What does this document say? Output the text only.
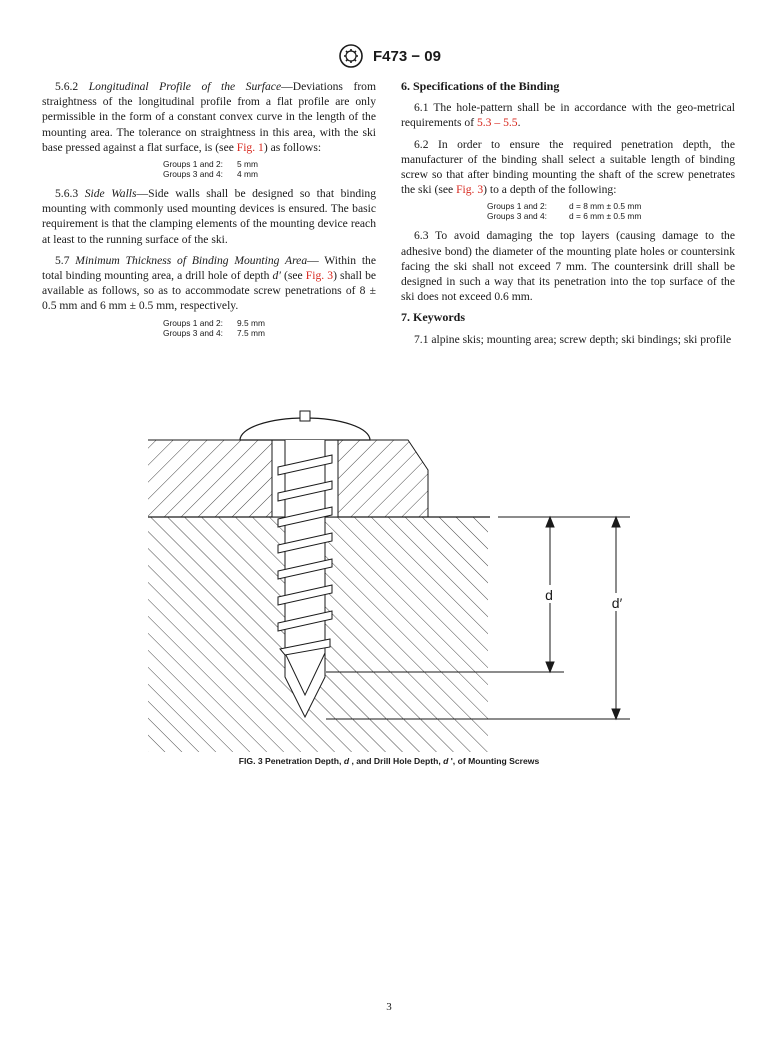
F473 − 09

5.6.2 Longitudinal Profile of the Surface—Deviations from straightness of the longitudinal profile from a flat profile are only permissible in the form of a constant convex curve in the length of the mounting area. The tolerance on straightness in this area, with the ski base pressed against a flat surface, is (see Fig. 1) as follows:

Groups 1 and 2: 5 mm
Groups 3 and 4: 4 mm

5.6.3 Side Walls—Side walls shall be designed so that binding mounting with commonly used mounting devices is ensured. The basic requirement is that the clamping elements of the mounting device reach at least to the running surface of the ski.

5.7 Minimum Thickness of Binding Mounting Area— Within the total binding mounting area, a drill hole of depth d′ (see Fig. 3) shall be available as follows, so as to accommodate screw penetrations of 8 ± 0.5 mm and 6 mm ± 0.5 mm, respectively.

Groups 1 and 2: 9.5 mm
Groups 3 and 4: 7.5 mm
6. Specifications of the Binding

6.1 The hole-pattern shall be in accordance with the geo-metrical requirements of 5.3 – 5.5.

6.2 In order to ensure the required penetration depth, the manufacturer of the binding shall select a suitable length of binding screw so that after binding mounting the shaft of the screw penetrates the ski (see Fig. 3) to a depth of the following:

Groups 1 and 2:	d = 8 mm ± 0.5 mm
Groups 3 and 4:	d = 6 mm ± 0.5 mm

6.3 To avoid damaging the top layers (causing damage to the adhesive bond) the diameter of the mounting plate holes or countersink facing the ski shall not exceed 7 mm. The countersink drill shall be designed in such a way that its penetration into the top surface of the ski does not exceed 0.6 mm.

7. Keywords

7.1 alpine skis; mounting area; screw depth; ski bindings; ski profile

d	d′
FIG. 3 Penetration Depth, d , and Drill Hole Depth, d ', of Mounting Screws
3
